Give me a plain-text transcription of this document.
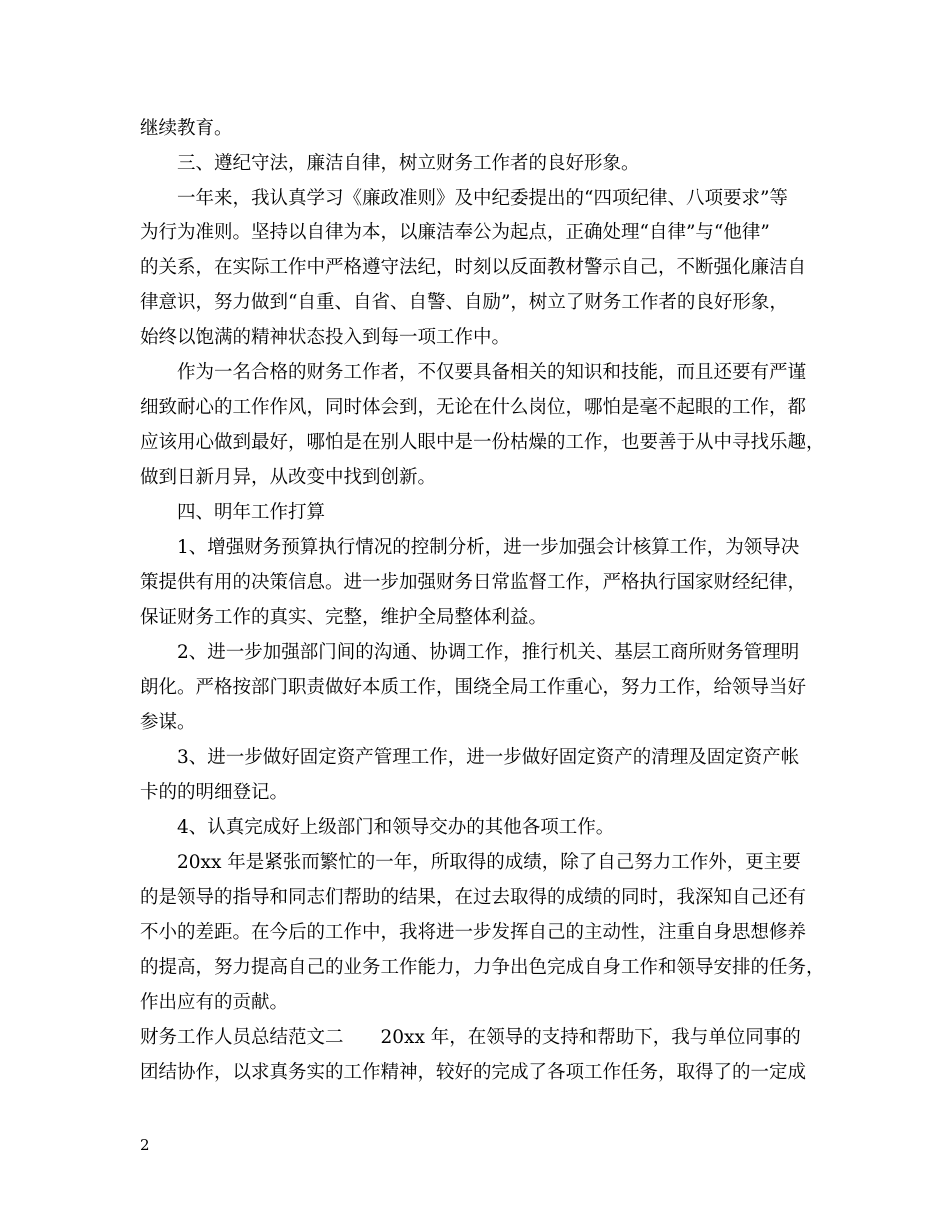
继续教育。
三、遵纪守法，廉洁自律，树立财务工作者的良好形象。
一年来，我认真学习《廉政准则》及中纪委提出的“四项纪律、八项要求”等
为行为准则。坚持以自律为本，以廉洁奉公为起点，正确处理“自律”与“他律”
的关系，在实际工作中严格遵守法纪，时刻以反面教材警示自己，不断强化廉洁自
律意识，努力做到“自重、自省、自警、自励”，树立了财务工作者的良好形象，
始终以饱满的精神状态投入到每一项工作中。
作为一名合格的财务工作者，不仅要具备相关的知识和技能，而且还要有严谨
细致耐心的工作作风，同时体会到，无论在什么岗位，哪怕是毫不起眼的工作，都
应该用心做到最好，哪怕是在别人眼中是一份枯燥的工作，也要善于从中寻找乐趣，
做到日新月异，从改变中找到创新。
四、明年工作打算
1、增强财务预算执行情况的控制分析，进一步加强会计核算工作，为领导决
策提供有用的决策信息。进一步加强财务日常监督工作，严格执行国家财经纪律，
保证财务工作的真实、完整，维护全局整体利益。
2、进一步加强部门间的沟通、协调工作，推行机关、基层工商所财务管理明
朗化。严格按部门职责做好本质工作，围绕全局工作重心，努力工作，给领导当好
参谋。
3、进一步做好固定资产管理工作，进一步做好固定资产的清理及固定资产帐
卡的的明细登记。
4、认真完成好上级部门和领导交办的其他各项工作。
20xx 年是紧张而繁忙的一年，所取得的成绩，除了自己努力工作外，更主要
的是领导的指导和同志们帮助的结果，在过去取得的成绩的同时，我深知自己还有
不小的差距。在今后的工作中，我将进一步发挥自己的主动性，注重自身思想修养
的提高，努力提高自己的业务工作能力，力争出色完成自身工作和领导安排的任务，
作出应有的贡献。
财务工作人员总结范文二　　20xx 年，在领导的支持和帮助下，我与单位同事的
团结协作，以求真务实的工作精神，较好的完成了各项工作任务，取得了的一定成
2
